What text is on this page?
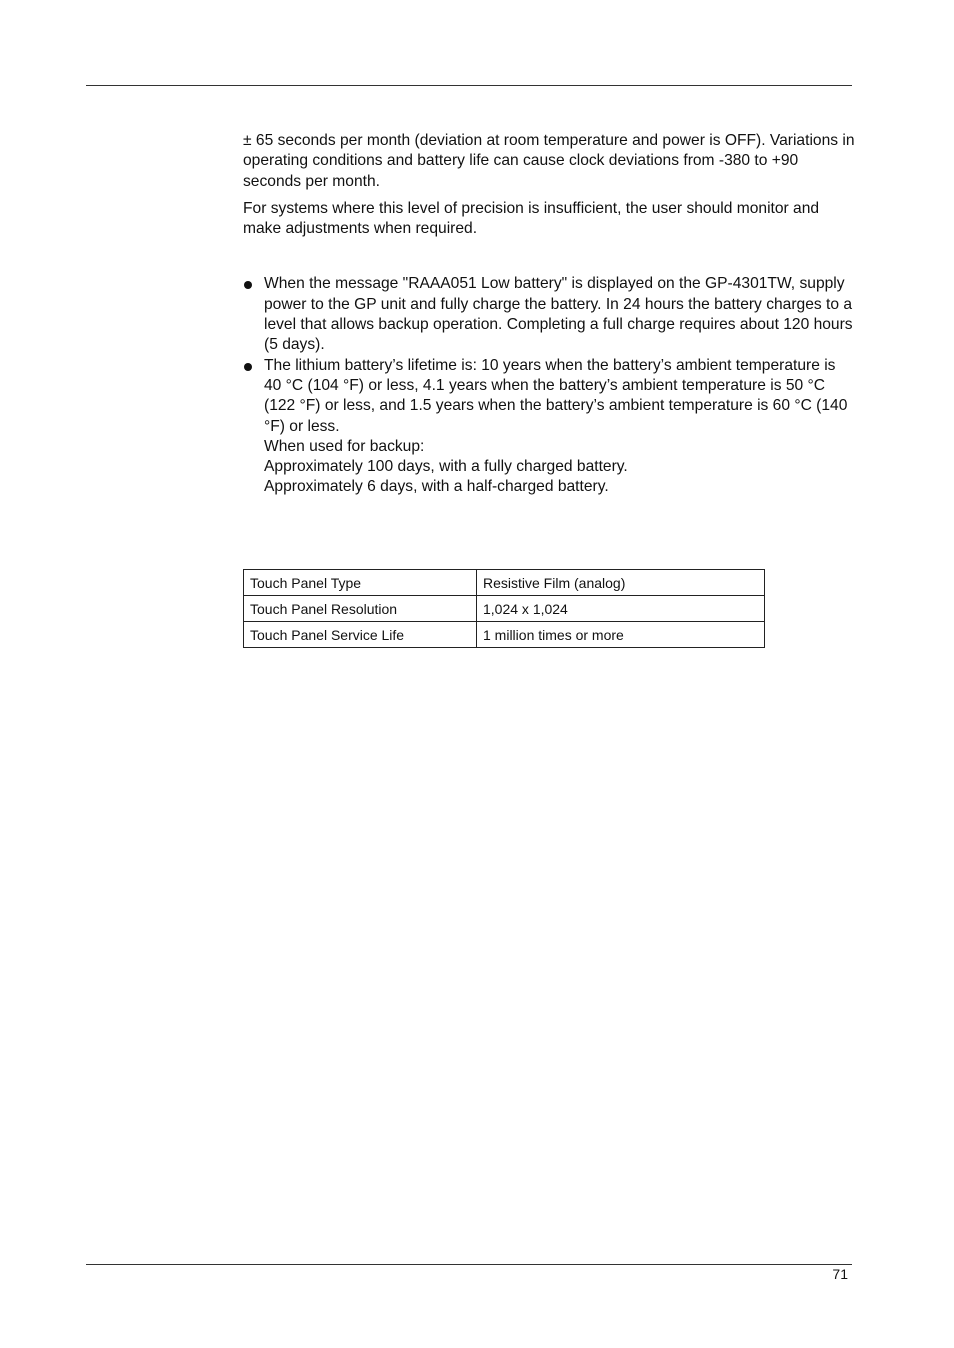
± 65 seconds per month (deviation at room temperature and power is OFF). Variations in operating conditions and battery life can cause clock deviations from -380 to +90 seconds per month.

For systems where this level of precision is insufficient, the user should monitor and make adjustments when required.

When the message "RAAA051 Low battery" is displayed on the GP-4301TW, supply power to the GP unit and fully charge the battery. In 24 hours the battery charges to a level that allows backup operation. Completing a full charge requires about 120 hours (5 days).
The lithium battery’s lifetime is: 10 years when the battery’s ambient temperature is 40 °C (104 °F) or less, 4.1 years when the battery’s ambient temperature is 50 °C (122 °F) or less, and 1.5 years when the battery’s ambient temperature is 60 °C (140 °F) or less.
When used for backup:
Approximately 100 days, with a fully charged battery.
Approximately 6 days, with a half-charged battery.
Touch Panel Type	Resistive Film (analog)
Touch Panel Resolution	1,024 x 1,024
Touch Panel Service Life	1 million times or more
71
